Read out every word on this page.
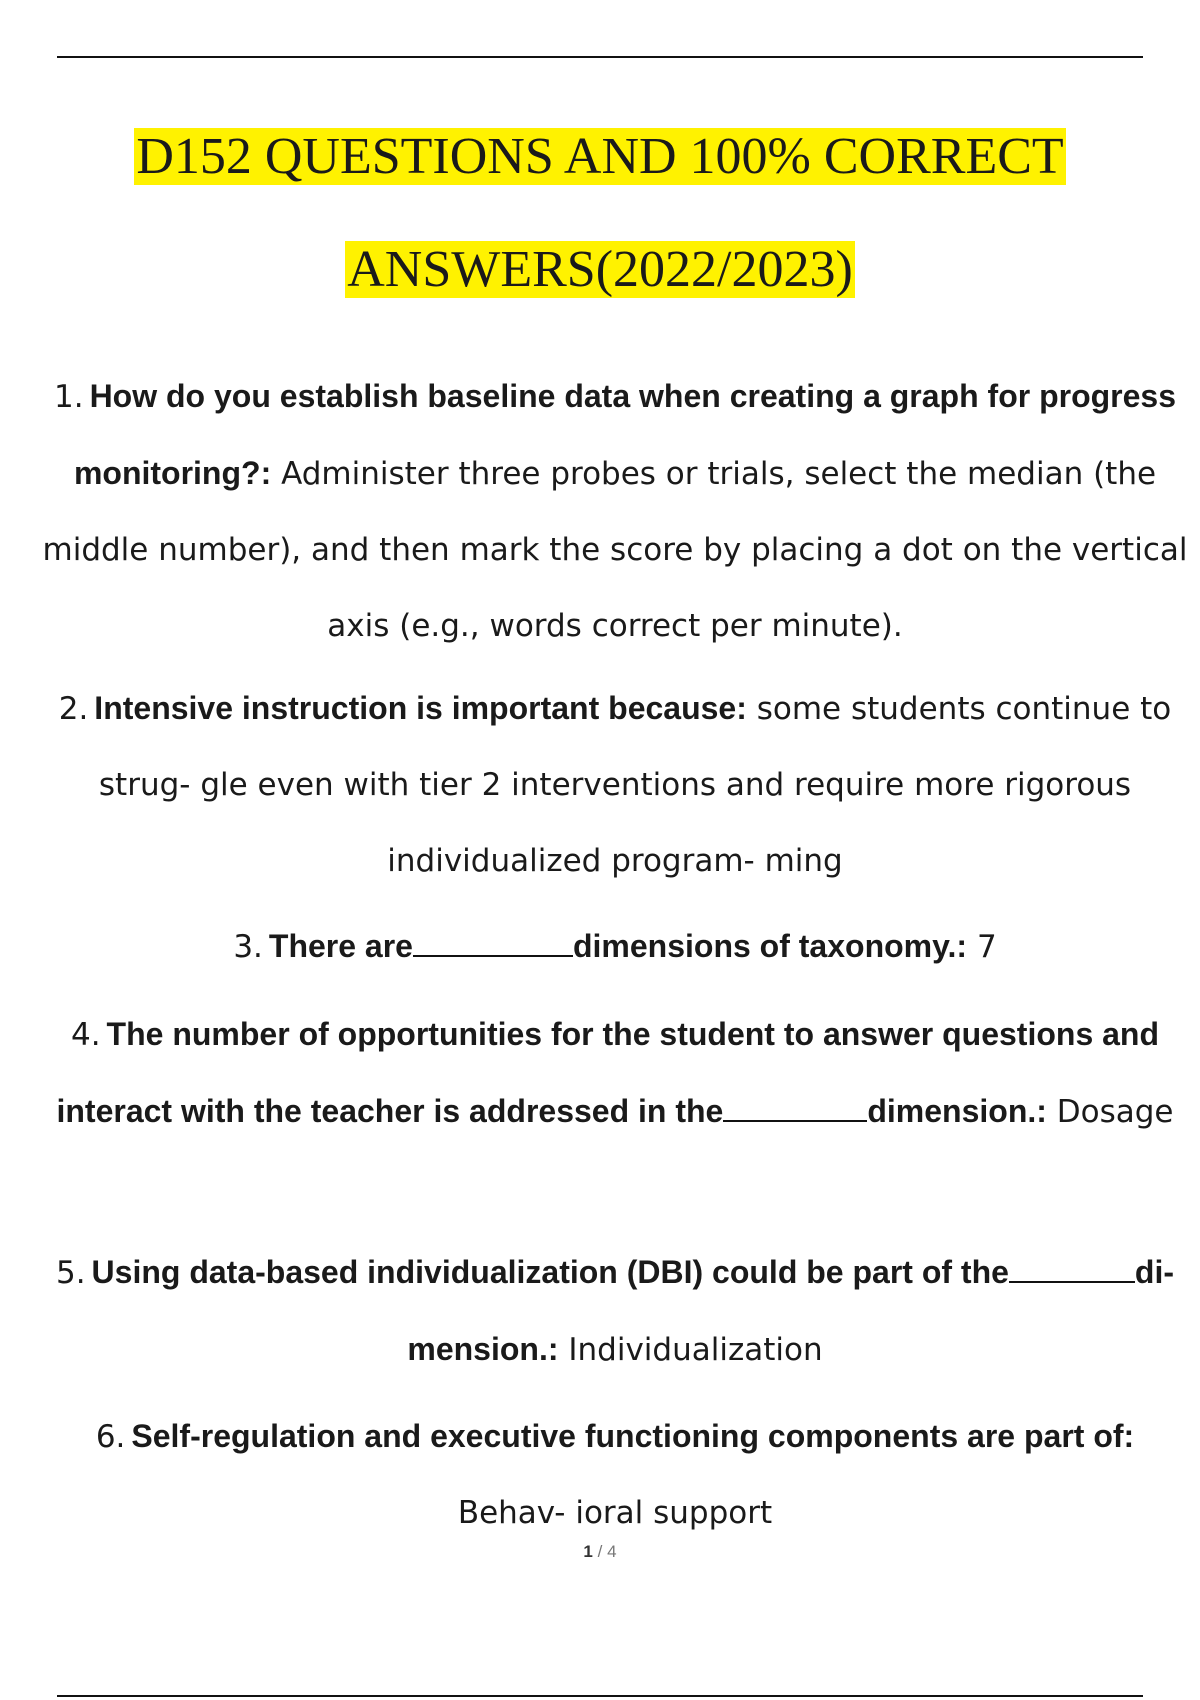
D152 QUESTIONS AND 100% CORRECT
ANSWERS(2022/2023)
1. How do you establish baseline data when creating a graph for progress monitoring?: Administer three probes or trials, select the median (the middle number), and then mark the score by placing a dot on the vertical axis (e.g., words correct per minute).
2. Intensive instruction is important because: some students continue to strug- gle even with tier 2 interventions and require more rigorous individualized program- ming
3. There are	dimensions of taxonomy.: 7
4. The number of opportunities for the student to answer questions and interact with the teacher is addressed in the	dimension.: Dosage
5. Using data-based individualization (DBI) could be part of the	di- mension.: Individualization
6. Self-regulation and executive functioning components are part of: Behav- ioral support
1 / 4
